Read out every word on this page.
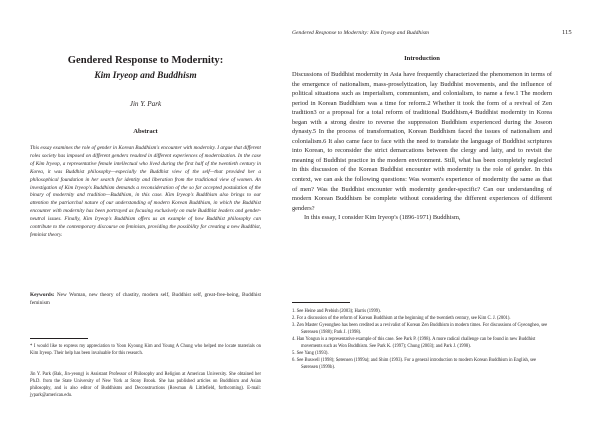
Gendered Response to Modernity: Kim Iryeop and Buddhism	115
Gendered Response to Modernity:
Kim Iryeop and Buddhism
Jin Y. Park
Abstract
This essay examines the role of gender in Korean Buddhism's encounter with modernity. I argue that different roles society has imposed on different genders resulted in different experiences of modernization. In the case of Kim Iryeop, a representative female intellectual who lived during the first half of the twentieth century in Korea, it was Buddhist philosophy—especially the Buddhist view of the self—that provided her a philosophical foundation in her search for identity and liberation from the traditional view of women. An investigation of Kim Iryeop's Buddhism demands a reconsideration of the so far accepted postulation of the binary of modernity and tradition—Buddhism, in this case. Kim Iryeop's Buddhism also brings to our attention the patriarchal nature of our understanding of modern Korean Buddhism, in which the Buddhist encounter with modernity has been portrayed as focusing exclusively on male Buddhist leaders and gender-neutral issues. Finally, Kim Iryeop's Buddhism offers us an example of how Buddhist philosophy can contribute to the contemporary discourse on feminism, providing the possibility for creating a new Buddhist, feminist theory.
Keywords: New Woman, new theory of chastity, modern self, Buddhist self, great-free-being, Buddhist feminism
* I would like to express my appreciation to Yoon Kyoung Kim and Young A Chung who helped me locate materials on Kim Iryeop. Their help has been invaluable for this research.
Jin Y. Park (Bak, Jin-yeong) is Assistant Professor of Philosophy and Religion at American University. She obtained her Ph.D. from the State University of New York at Stony Brook. She has published articles on Buddhism and Asian philosophy, and is also editor of Buddhisms and Deconstructions (Rowman & Littlefield, forthcoming). E-mail: jypark@american.edu.
Introduction
Discussions of Buddhist modernity in Asia have frequently characterized the phenomenon in terms of the emergence of nationalism, mass-proselytization, lay Buddhist movements, and the influence of political situations such as imperialism, communism, and colonialism, to name a few.1 The modern period in Korean Buddhism was a time for reform.2 Whether it took the form of a revival of Zen tradition3 or a proposal for a total reform of traditional Buddhism,4 Buddhist modernity in Korea began with a strong desire to reverse the suppression Buddhism experienced during the Joseon dynasty.5 In the process of transformation, Korean Buddhism faced the issues of nationalism and colonialism.6 It also came face to face with the need to translate the language of Buddhist scriptures into Korean, to reconsider the strict demarcations between the clergy and laity, and to revisit the meaning of Buddhist practice in the modern environment. Still, what has been completely neglected in this discussion of the Korean Buddhist encounter with modernity is the role of gender. In this context, we can ask the following questions: Was women's experience of modernity the same as that of men? Was the Buddhist encounter with modernity gender-specific? Can our understanding of modern Korean Buddhism be complete without considering the different experiences of different genders?
In this essay, I consider Kim Iryeop's (1896-1971) Buddhism,
1. See Heine and Prebish (2003); Harris (1999).
2. For a discussion of the reform of Korean Buddhism at the beginning of the twentieth century, see Kim C. J. (2001).
3. Zen Master Gyeongheo has been credited as a revivalist of Korean Zen Buddhism in modern times. For discussions of Gyeongheo, see Sørensen (1988); Park J. (1998).
4. Han Yongun is a representative example of this case. See Park P. (1998). A more radical challenge can be found in new Buddhist movements such as Won Buddhism. See Park K. (1997); Chung (2003); and Park J. (1998).
5. See Yang (1993).
6. See Buswell (1998); Sørensen (1999a); and Shim (1993). For a general introduction to modern Korean Buddhism in English, see Sørensen (1999b).
